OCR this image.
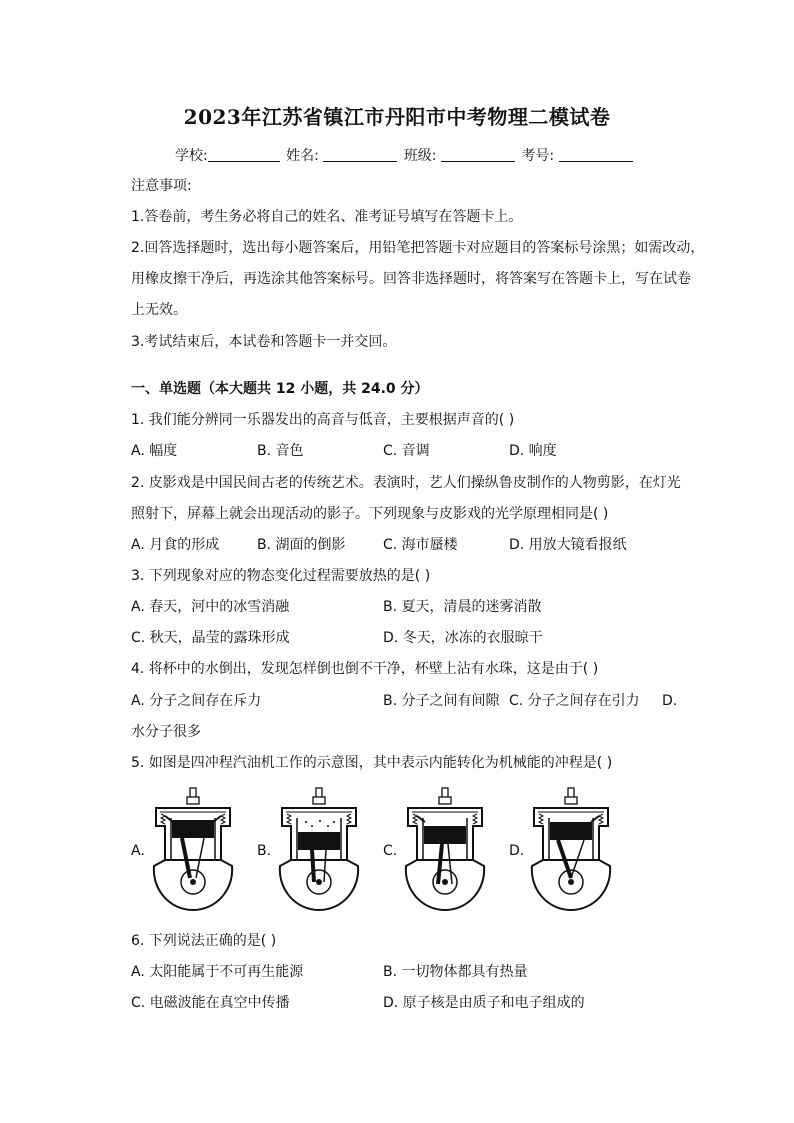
2023年江苏省镇江市丹阳市中考物理二模试卷
学校:	姓名:	班级:	考号:
注意事项:
1.答卷前，考生务必将自己的姓名、准考证号填写在答题卡上。
2.回答选择题时，选出每小题答案后，用铅笔把答题卡对应题目的答案标号涂黑；如需改动，
用橡皮擦干净后，再选涂其他答案标号。回答非选择题时，将答案写在答题卡上，写在试卷
上无效。
3.考试结束后，本试卷和答题卡一并交回。
一、单选题（本大题共 12 小题，共 24.0 分）
1. 我们能分辨同一乐器发出的高音与低音，主要根据声音的( )
A. 幅度	B. 音色	C. 音调	D. 响度
2. 皮影戏是中国民间古老的传统艺术。表演时，艺人们操纵鲁皮制作的人物剪影，在灯光
照射下，屏幕上就会出现活动的影子。下列现象与皮影戏的光学原理相同是( )
A. 月食的形成	B. 湖面的倒影	C. 海市蜃楼	D. 用放大镜看报纸
3. 下列现象对应的物态变化过程需要放热的是( )
A. 春天，河中的冰雪消融	B. 夏天，清晨的迷雾消散
C. 秋天，晶莹的露珠形成	D. 冬天，冰冻的衣服晾干
4. 将杯中的水倒出，发现怎样倒也倒不干净，杯壁上沾有水珠，这是由于( )
A. 分子之间存在斥力	B. 分子之间有间隙 C. 分子之间存在引力 D.
水分子很多
5. 如图是四冲程汽油机工作的示意图，其中表示内能转化为机械能的冲程是( )
A.	B.	C.	D.
6. 下列说法正确的是( )
A. 太阳能属于不可再生能源	B. 一切物体都具有热量
C. 电磁波能在真空中传播	D. 原子核是由质子和电子组成的
